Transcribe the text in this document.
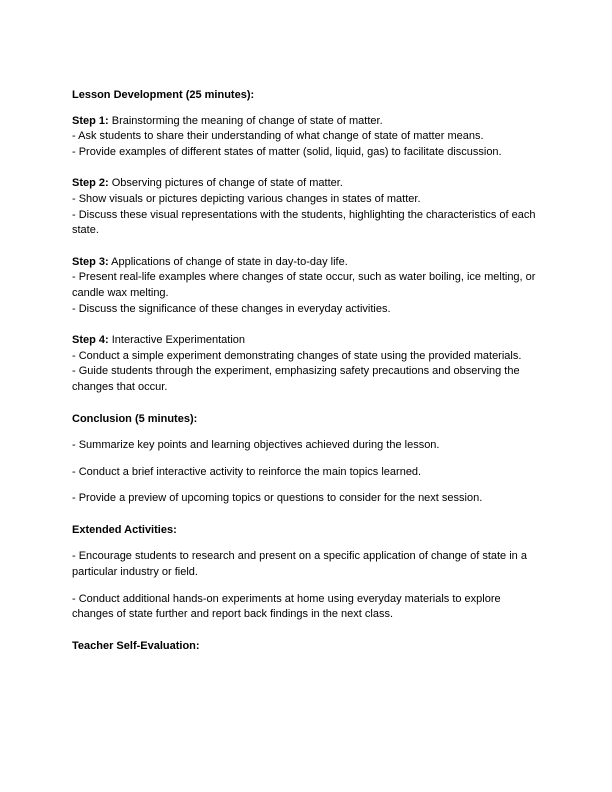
Lesson Development (25 minutes):

Step 1: Brainstorming the meaning of change of state of matter.

- Ask students to share their understanding of what change of state of matter means.

- Provide examples of different states of matter (solid, liquid, gas) to facilitate discussion.

Step 2: Observing pictures of change of state of matter.

- Show visuals or pictures depicting various changes in states of matter.

- Discuss these visual representations with the students, highlighting the characteristics of each state.

Step 3: Applications of change of state in day-to-day life.

- Present real-life examples where changes of state occur, such as water boiling, ice melting, or candle wax melting.

- Discuss the significance of these changes in everyday activities.

Step 4: Interactive Experimentation

- Conduct a simple experiment demonstrating changes of state using the provided materials.

- Guide students through the experiment, emphasizing safety precautions and observing the changes that occur.

Conclusion (5 minutes):

- Summarize key points and learning objectives achieved during the lesson.

- Conduct a brief interactive activity to reinforce the main topics learned.

- Provide a preview of upcoming topics or questions to consider for the next session.

Extended Activities:

- Encourage students to research and present on a specific application of change of state in a particular industry or field.

- Conduct additional hands-on experiments at home using everyday materials to explore changes of state further and report back findings in the next class.

Teacher Self-Evaluation:
